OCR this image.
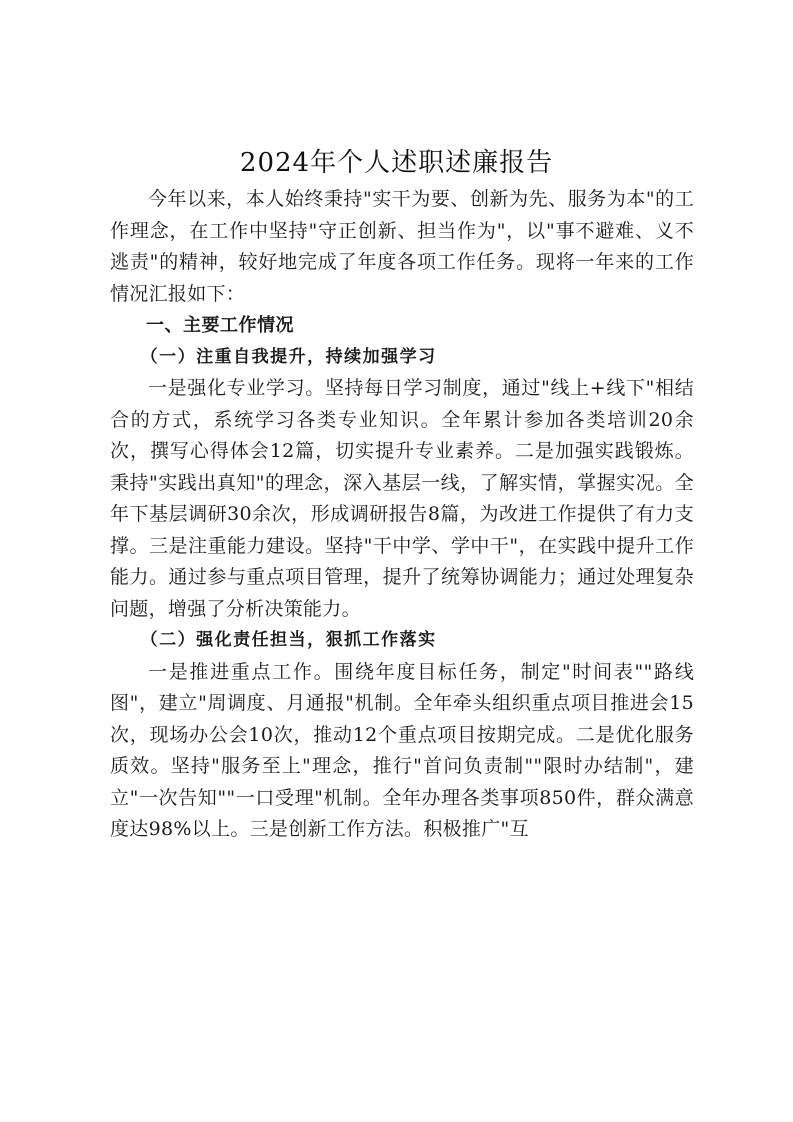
2024年个人述职述廉报告

今年以来，本人始终秉持"实干为要、创新为先、服务为本"的工作理念，在工作中坚持"守正创新、担当作为"，以"事不避难、义不逃责"的精神，较好地完成了年度各项工作任务。现将一年来的工作情况汇报如下：

一、主要工作情况

（一）注重自我提升，持续加强学习

一是强化专业学习。坚持每日学习制度，通过"线上+线下"相结合的方式，系统学习各类专业知识。全年累计参加各类培训20余次，撰写心得体会12篇，切实提升专业素养。二是加强实践锻炼。秉持"实践出真知"的理念，深入基层一线，了解实情，掌握实况。全年下基层调研30余次，形成调研报告8篇，为改进工作提供了有力支撑。三是注重能力建设。坚持"干中学、学中干"，在实践中提升工作能力。通过参与重点项目管理，提升了统筹协调能力；通过处理复杂问题，增强了分析决策能力。

（二）强化责任担当，狠抓工作落实

一是推进重点工作。围绕年度目标任务，制定"时间表""路线图"，建立"周调度、月通报"机制。全年牵头组织重点项目推进会15次，现场办公会10次，推动12个重点项目按期完成。二是优化服务质效。坚持"服务至上"理念，推行"首问负责制""限时办结制"，建立"一次告知""一口受理"机制。全年办理各类事项850件，群众满意度达98%以上。三是创新工作方法。积极推广"互
